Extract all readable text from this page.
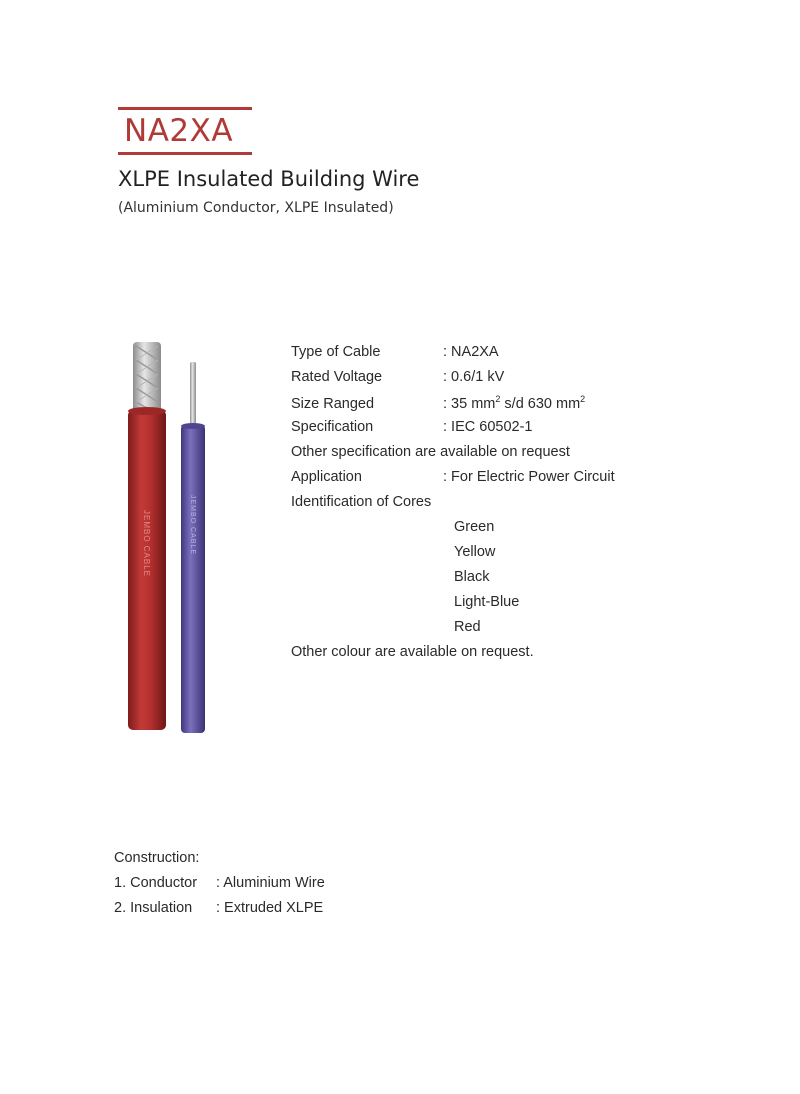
NA2XA
XLPE Insulated Building Wire
(Aluminium Conductor, XLPE Insulated)
JEMBO CABLE	JEMBO CABLE
Type of Cable	: NA2XA
Rated Voltage	: 0.6/1 kV
Size Ranged	: 35 $mm^2$ s/d 630 $mm^2$
Specification	: IEC 60502-1
Other specification are available on request
Application	: For Electric Power Circuit
Identification of Cores
Green
Yellow
Black
Light-Blue
Red
Other colour are available on request.
Construction:
1. Conductor : Aluminium Wire
2. Insulation : Extruded XLPE
